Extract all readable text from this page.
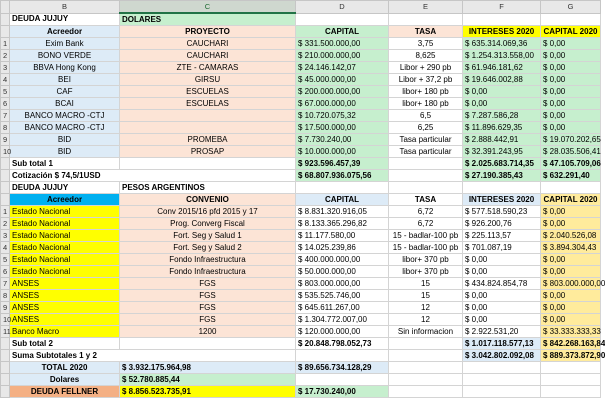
	B	C	D	E	F	G
	DEUDA JUJUY	DOLARES				
	Acreedor	PROYECTO	CAPITAL	TASA	INTERESES 2020	CAPITAL 2020
1	Exim Bank	CAUCHARI	$ 331.500.000,00	3,75	$ 635.314.069,36	$ 0,00
2	BONO VERDE	CAUCHARI	$ 210.000.000,00	8,625	$ 1.254.313.558,00	$ 0,00
3	BBVA Hong Kong	ZTE - CAMARAS	$ 24.146.142,07	Libor + 290 pb	$ 61.946.181,62	$ 0,00
4	BEI	GIRSU	$ 45.000.000,00	Libor + 37,2 pb	$ 19.646.002,88	$ 0,00
5	CAF	ESCUELAS	$ 200.000.000,00	libor+ 180 pb	$ 0,00	$ 0,00
6	BCAI	ESCUELAS	$ 67.000.000,00	libor+ 180 pb	$ 0,00	$ 0,00
7	BANCO MACRO -CTJ		$ 10.720.075,32	6,5	$ 7.287.586,28	$ 0,00
8	BANCO MACRO -CTJ		$ 17.500.000,00	6,25	$ 11.896.629,35	$ 0,00
9	BID	PROMEBA	$ 7.730.240,00	Tasa particular	$ 2.888.442,91	$ 19.070.202,65
10	BID	PROSAP	$ 10.000.000,00	Tasa particular	$ 32.391.243,95	$ 28.035.506,41
	Sub total 1		$ 923.596.457,39		$ 2.025.683.714,35	$ 47.105.709,06
	Cotización $ 74,5/1USD		$ 68.807.936.075,56		$ 27.190.385,43	$ 632.291,40
	DEUDA JUJUY	PESOS ARGENTINOS				
	Acreedor	CONVENIO	CAPITAL	TASA	INTERESES 2020	CAPITAL 2020
1	Estado Nacional	Conv 2015/16 pfd 2015 y 17	$ 8.831.320.916,05	6,72	$ 577.518.590,23	$ 0,00
2	Estado Nacional	Prog. Converg Fiscal	$ 8.133.365.296,82	6,72	$ 926.200,76	$ 0,00
3	Estado Nacional	Fort. Seg y Salud 1	$ 11.177.580,00	15 - badlar-100 pb	$ 225.113,57	$ 2.040.526,08
4	Estado Nacional	Fort. Seg y Salud 2	$ 14.025.239,86	15 - badlar-100 pb	$ 701.087,19	$ 3.894.304,43
5	Estado Nacional	Fondo Infraestructura	$ 400.000.000,00	libor+ 370 pb	$ 0,00	$ 0,00
6	Estado Nacional	Fondo Infraestructura	$ 50.000.000,00	libor+ 370 pb	$ 0,00	$ 0,00
7	ANSES	FGS	$ 803.000.000,00	15	$ 434.824.854,78	$ 803.000.000,00
8	ANSES	FGS	$ 535.525.746,00	15	$ 0,00	$ 0,00
9	ANSES	FGS	$ 645.611.267,00	12	$ 0,00	$ 0,00
10	ANSES	FGS	$ 1.304.772.007,00	12	$ 0,00	$ 0,00
11	Banco Macro	1200	$ 120.000.000,00	Sin informacion	$ 2.922.531,20	$ 33.333.333,33
	Sub total 2		$ 20.848.798.052,73		$ 1.017.118.577,13	$ 842.268.163,84
	Suma Subtotales 1 y 2				$ 3.042.802.092,08	$ 889.373.872,90
	TOTAL 2020	$ 3.932.175.964,98	$ 89.656.734.128,29			
	Dolares	$ 52.780.885,44				
	DEUDA FELLNER	$ 8.856.523.735,91	$ 17.730.240,00			
